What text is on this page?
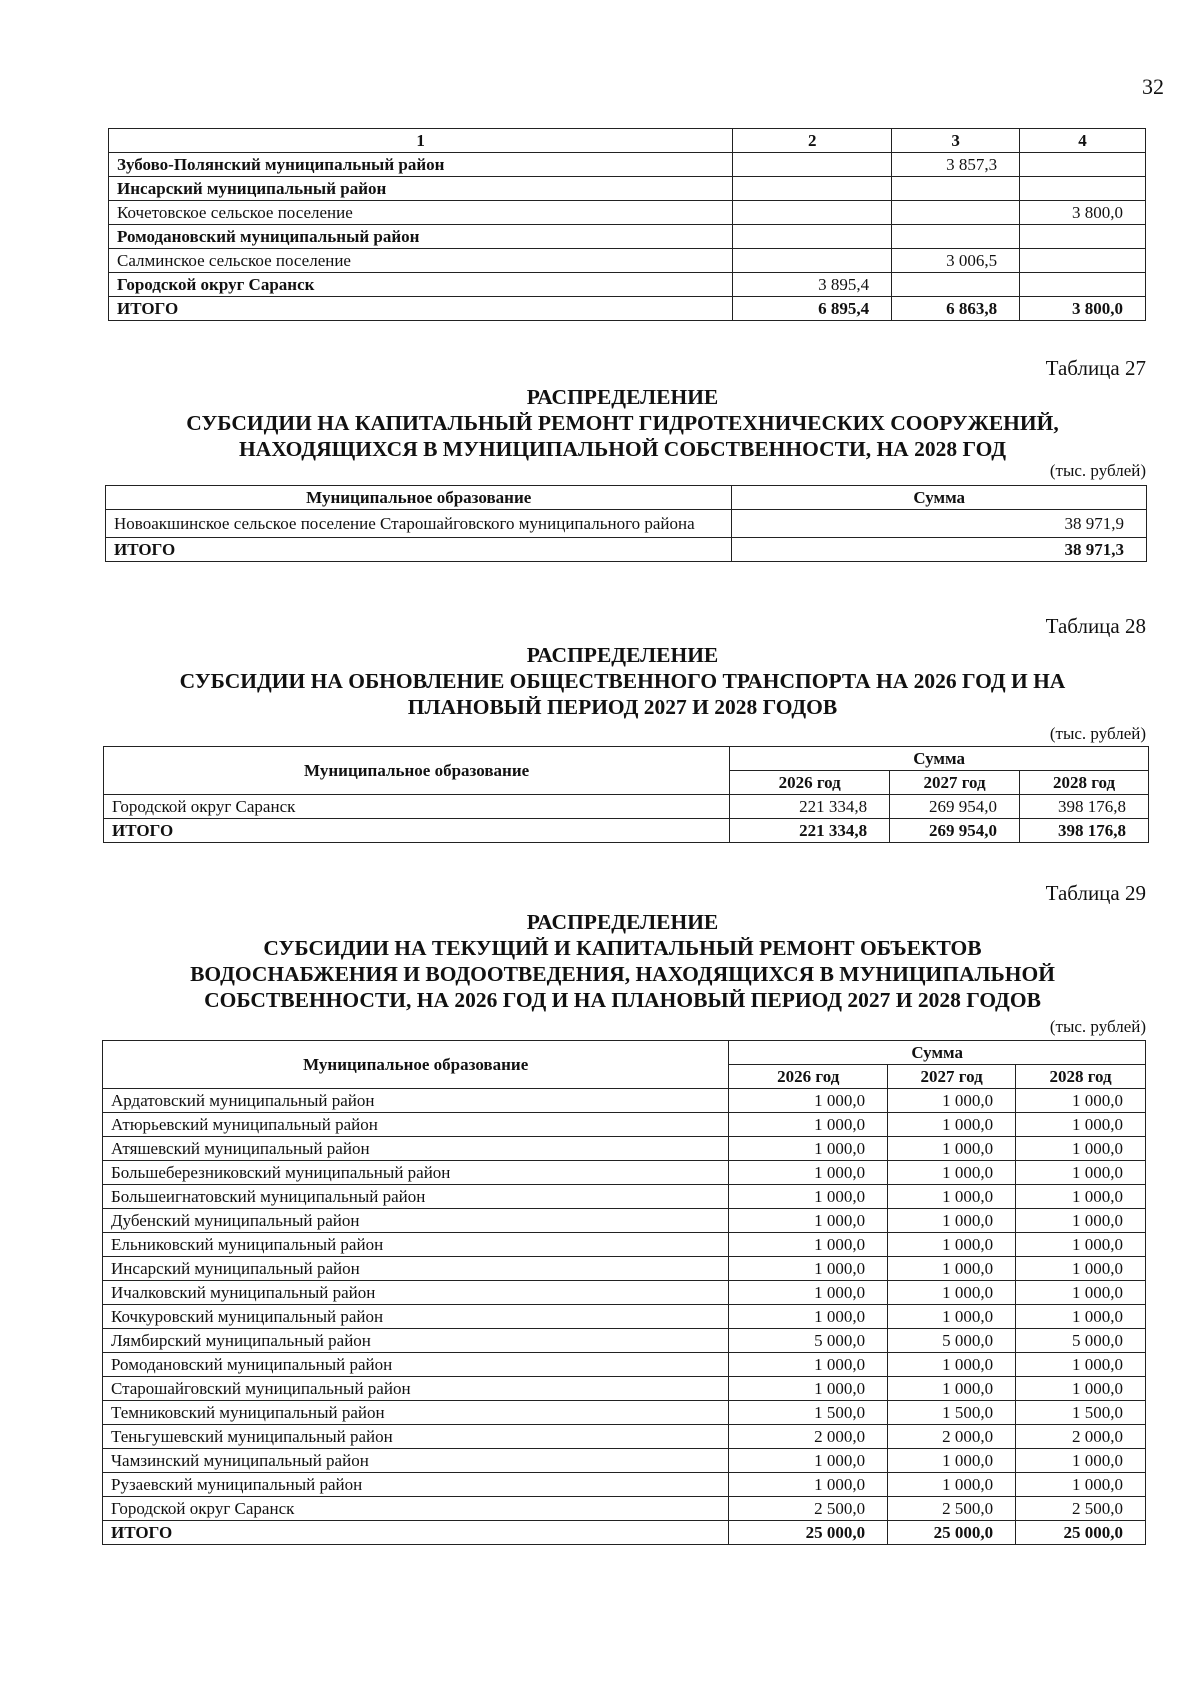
32
1	2	3	4
Зубово-Полянский муниципальный район		3 857,3	
Инсарский муниципальный район			
Кочетовское сельское поселение			3 800,0
Ромодановский муниципальный район			
Салминское сельское поселение		3 006,5	
Городской округ Саранск	3 895,4		
ИТОГО	6 895,4	6 863,8	3 800,0
Таблица 27
РАСПРЕДЕЛЕНИЕ
СУБСИДИИ НА КАПИТАЛЬНЫЙ РЕМОНТ ГИДРОТЕХНИЧЕСКИХ СООРУЖЕНИЙ,
НАХОДЯЩИХСЯ В МУНИЦИПАЛЬНОЙ СОБСТВЕННОСТИ, НА 2028 ГОД
(тыс. рублей)
Муниципальное образование	Сумма
Новоакшинское сельское поселение Старошайговского муниципального района	38 971,9
ИТОГО	38 971,3
Таблица 28
РАСПРЕДЕЛЕНИЕ
СУБСИДИИ НА ОБНОВЛЕНИЕ ОБЩЕСТВЕННОГО ТРАНСПОРТА НА 2026 ГОД И НА
ПЛАНОВЫЙ ПЕРИОД 2027 И 2028 ГОДОВ
(тыс. рублей)
Муниципальное образование	Сумма		
	2026 год	2027 год	2028 год
Городской округ Саранск	221 334,8	269 954,0	398 176,8
ИТОГО	221 334,8	269 954,0	398 176,8
Таблица 29
РАСПРЕДЕЛЕНИЕ
СУБСИДИИ НА ТЕКУЩИЙ И КАПИТАЛЬНЫЙ РЕМОНТ ОБЪЕКТОВ
ВОДОСНАБЖЕНИЯ И ВОДООТВЕДЕНИЯ, НАХОДЯЩИХСЯ В МУНИЦИПАЛЬНОЙ
СОБСТВЕННОСТИ, НА 2026 ГОД И НА ПЛАНОВЫЙ ПЕРИОД 2027 И 2028 ГОДОВ
(тыс. рублей)
Муниципальное образование	Сумма		
	2026 год	2027 год	2028 год
Ардатовский муниципальный район	1 000,0	1 000,0	1 000,0
Атюрьевский муниципальный район	1 000,0	1 000,0	1 000,0
Атяшевский муниципальный район	1 000,0	1 000,0	1 000,0
Большеберезниковский муниципальный район	1 000,0	1 000,0	1 000,0
Большеигнатовский муниципальный район	1 000,0	1 000,0	1 000,0
Дубенский муниципальный район	1 000,0	1 000,0	1 000,0
Ельниковский муниципальный район	1 000,0	1 000,0	1 000,0
Инсарский муниципальный район	1 000,0	1 000,0	1 000,0
Ичалковский муниципальный район	1 000,0	1 000,0	1 000,0
Кочкуровский муниципальный район	1 000,0	1 000,0	1 000,0
Лямбирский муниципальный район	5 000,0	5 000,0	5 000,0
Ромодановский муниципальный район	1 000,0	1 000,0	1 000,0
Старошайговский муниципальный район	1 000,0	1 000,0	1 000,0
Темниковский муниципальный район	1 500,0	1 500,0	1 500,0
Теньгушевский муниципальный район	2 000,0	2 000,0	2 000,0
Чамзинский муниципальный район	1 000,0	1 000,0	1 000,0
Рузаевский муниципальный район	1 000,0	1 000,0	1 000,0
Городской округ Саранск	2 500,0	2 500,0	2 500,0
ИТОГО	25 000,0	25 000,0	25 000,0
